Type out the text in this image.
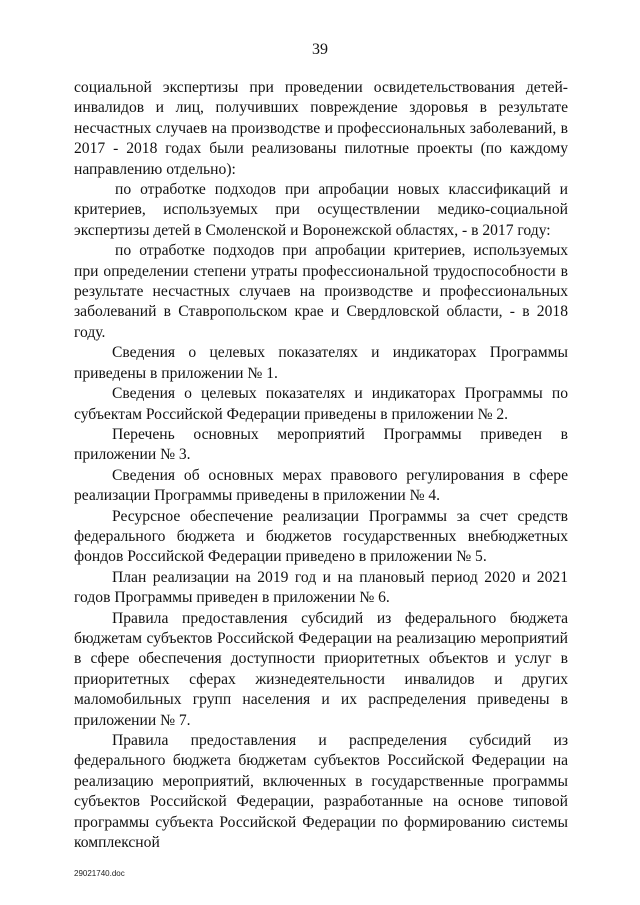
39

социальной экспертизы при проведении освидетельствования детей-инвалидов и лиц, получивших повреждение здоровья в результате несчастных случаев на производстве и профессиональных заболеваний, в 2017 - 2018 годах были реализованы пилотные проекты (по каждому направлению отдельно):

по отработке подходов при апробации новых классификаций и критериев, используемых при осуществлении медико-социальной экспертизы детей в Смоленской и Воронежской областях, - в 2017 году:

по отработке подходов при апробации критериев, используемых при определении степени утраты профессиональной трудоспособности в результате несчастных случаев на производстве и профессиональных заболеваний в Ставропольском крае и Свердловской области, - в 2018 году.

Сведения о целевых показателях и индикаторах Программы приведены в приложении № 1.

Сведения о целевых показателях и индикаторах Программы по субъектам Российской Федерации приведены в приложении № 2.

Перечень основных мероприятий Программы приведен в приложении № 3.

Сведения об основных мерах правового регулирования в сфере реализации Программы приведены в приложении № 4.

Ресурсное обеспечение реализации Программы за счет средств федерального бюджета и бюджетов государственных внебюджетных фондов Российской Федерации приведено в приложении № 5.

План реализации на 2019 год и на плановый период 2020 и 2021 годов Программы приведен в приложении № 6.

Правила предоставления субсидий из федерального бюджета бюджетам субъектов Российской Федерации на реализацию мероприятий в сфере обеспечения доступности приоритетных объектов и услуг в приоритетных сферах жизнедеятельности инвалидов и других маломобильных групп населения и их распределения приведены в приложении № 7.

Правила предоставления и распределения субсидий из федерального бюджета бюджетам субъектов Российской Федерации на реализацию мероприятий, включенных в государственные программы субъектов Российской Федерации, разработанные на основе типовой программы субъекта Российской Федерации по формированию системы комплексной

29021740.doc
